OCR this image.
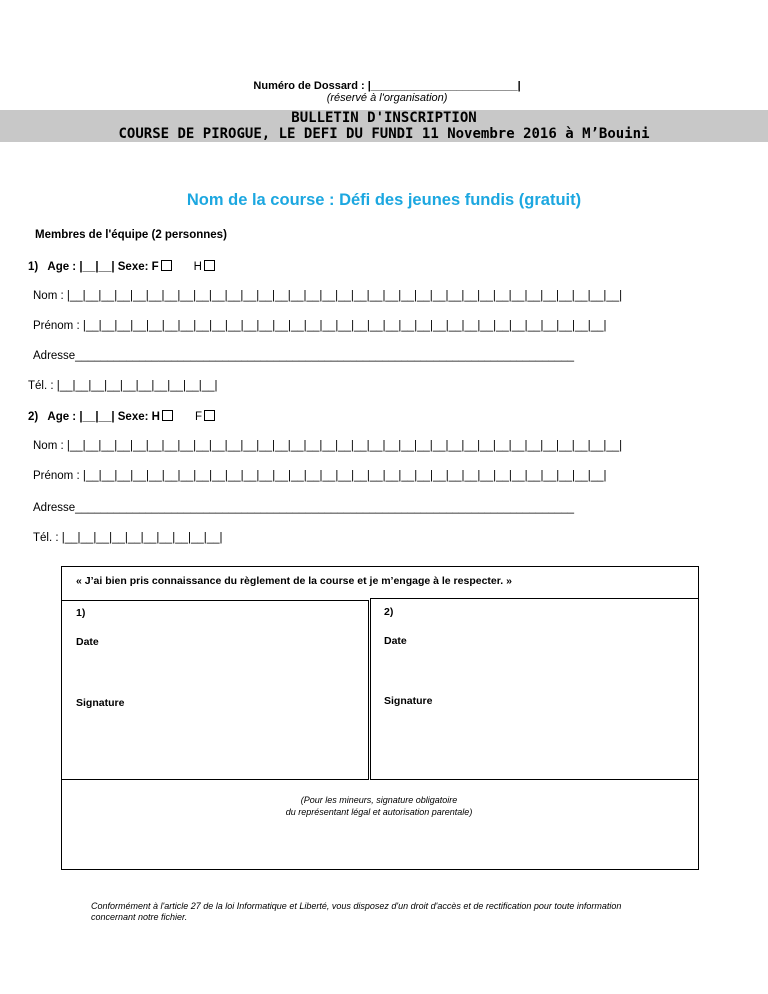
Numéro de Dossard : |________________________|
(réservé à l'organisation)

BULLETIN D'INSCRIPTION
COURSE DE PIROGUE, LE DEFI DU FUNDI 11 Novembre 2016 à M’Bouini
Nom de la course : Défi des jeunes fundis (gratuit)
Membres de l'équipe (2 personnes)
1)   Age : |__|__| Sexe: F	H
Nom : |__|__|__|__|__|__|__|__|__|__|__|__|__|__|__|__|__|__|__|__|__|__|__|__|__|__|__|__|__|__|__|__|__|__|__|
Prénom : |__|__|__|__|__|__|__|__|__|__|__|__|__|__|__|__|__|__|__|__|__|__|__|__|__|__|__|__|__|__|__|__|__|
Adresse______________________________________________________________________________
Tél. : |__|__|__|__|__|__|__|__|__|__|
2)   Age : |__|__| Sexe: H	F
Nom : |__|__|__|__|__|__|__|__|__|__|__|__|__|__|__|__|__|__|__|__|__|__|__|__|__|__|__|__|__|__|__|__|__|__|__|
Prénom : |__|__|__|__|__|__|__|__|__|__|__|__|__|__|__|__|__|__|__|__|__|__|__|__|__|__|__|__|__|__|__|__|__|
Adresse______________________________________________________________________________
Tél. : |__|__|__|__|__|__|__|__|__|__|
« J’ai bien pris connaissance du règlement de la course et je m’engage à le respecter. »
1)
Date
Signature
2)
Date
Signature
(Pour les mineurs, signature obligatoire
du représentant légal et autorisation parentale)
Conformément à l'article 27 de la loi Informatique et Liberté, vous disposez d'un droit d'accès et de rectification pour toute information concernant notre fichier.
